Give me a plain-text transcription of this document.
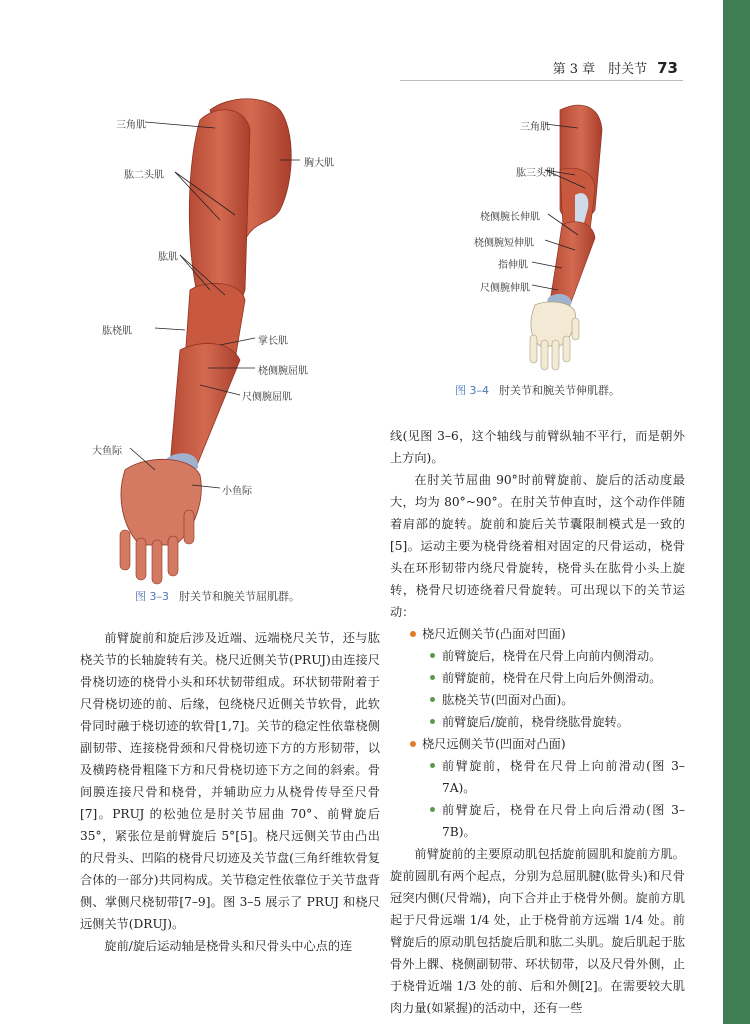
第 3 章　肘关节 73
三角肌
胸大肌
肱二头肌
肱肌
肱桡肌
掌长肌
桡侧腕屈肌
尺侧腕屈肌
大鱼际
小鱼际
图 3–3 肘关节和腕关节屈肌群。
三角肌
肱三头肌
桡侧腕长伸肌
桡侧腕短伸肌
指伸肌
尺侧腕伸肌
图 3–4 肘关节和腕关节伸肌群。

前臂旋前和旋后涉及近端、远端桡尺关节，还与肱桡关节的长轴旋转有关。桡尺近侧关节(PRUJ)由连接尺骨桡切迹的桡骨小头和环状韧带组成。环状韧带附着于尺骨桡切迹的前、后缘，包绕桡尺近侧关节软骨，此软骨同时融于桡切迹的软骨[1,7]。关节的稳定性依靠桡侧副韧带、连接桡骨颈和尺骨桡切迹下方的方形韧带，以及横跨桡骨粗隆下方和尺骨桡切迹下方之间的斜索。骨间膜连接尺骨和桡骨，并辅助应力从桡骨传导至尺骨[7]。PRUJ 的松弛位是肘关节屈曲 70°、前臂旋后 35°，紧张位是前臂旋后 5°[5]。桡尺远侧关节由凸出的尺骨头、凹陷的桡骨尺切迹及关节盘(三角纤维软骨复合体的一部分)共同构成。关节稳定性依靠位于关节盘背侧、掌侧尺桡韧带[7–9]。图 3–5 展示了 PRUJ 和桡尺远侧关节(DRUJ)。

旋前/旋后运动轴是桡骨头和尺骨头中心点的连

线(见图 3–6，这个轴线与前臂纵轴不平行，而是朝外上方向)。

在肘关节屈曲 90°时前臂旋前、旋后的活动度最大，均为 80°~90°。在肘关节伸直时，这个动作伴随着肩部的旋转。旋前和旋后关节囊限制模式是一致的[5]。运动主要为桡骨绕着相对固定的尺骨运动，桡骨头在环形韧带内绕尺骨旋转，桡骨头在肱骨小头上旋转，桡骨尺切迹绕着尺骨旋转。可出现以下的关节运动：

桡尺近侧关节(凸面对凹面)

前臂旋后，桡骨在尺骨上向前内侧滑动。

前臂旋前，桡骨在尺骨上向后外侧滑动。

肱桡关节(凹面对凸面)。

前臂旋后/旋前，桡骨绕肱骨旋转。

桡尺远侧关节(凹面对凸面)

前臂旋前，桡骨在尺骨上向前滑动(图 3–7A)。

前臂旋后，桡骨在尺骨上向后滑动(图 3–7B)。

前臂旋前的主要原动肌包括旋前圆肌和旋前方肌。旋前圆肌有两个起点，分别为总屈肌腱(肱骨头)和尺骨冠突内侧(尺骨端)，向下合并止于桡骨外侧。旋前方肌起于尺骨远端 1/4 处，止于桡骨前方远端 1/4 处。前臂旋后的原动肌包括旋后肌和肱二头肌。旋后肌起于肱骨外上髁、桡侧副韧带、环状韧带，以及尺骨外侧，止于桡骨近端 1/3 处的前、后和外侧[2]。在需要较大肌肉力量(如紧握)的活动中，还有一些
